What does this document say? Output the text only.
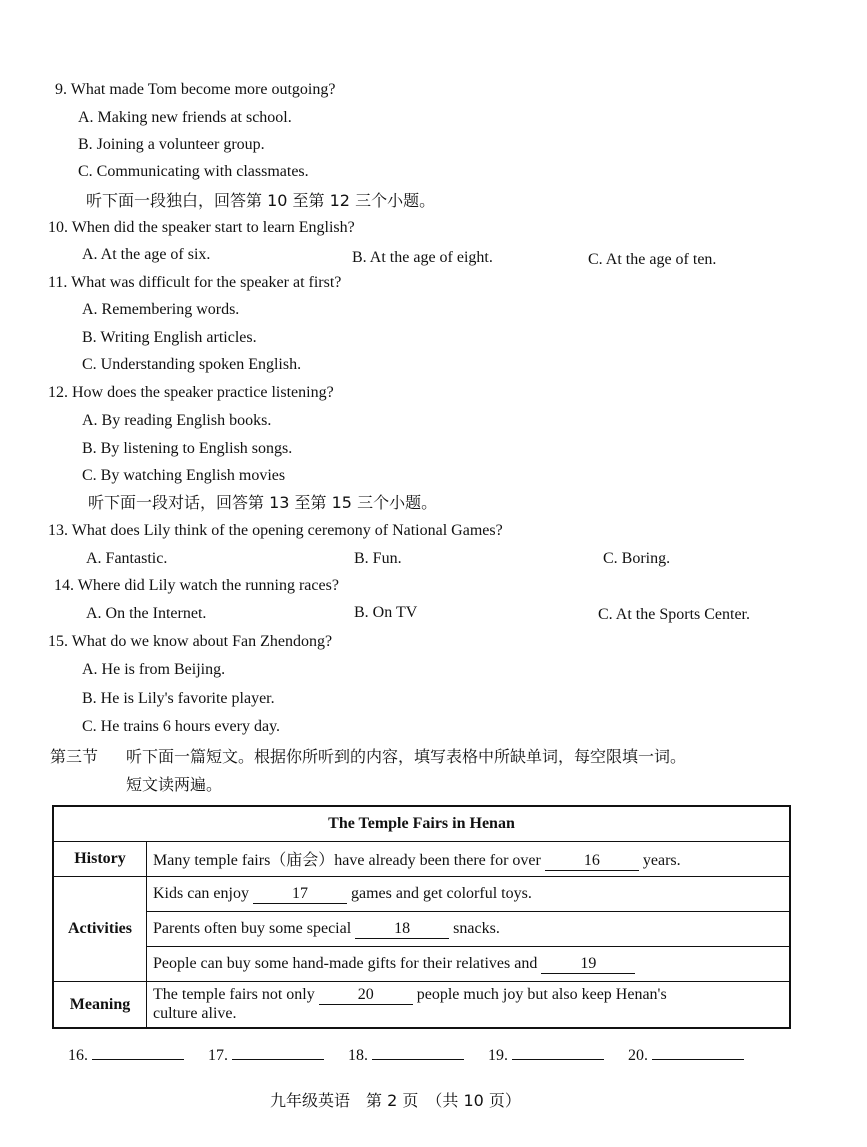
9. What made Tom become more outgoing?
A. Making new friends at school.
B. Joining a volunteer group.
C. Communicating with classmates.
听下面一段独白，回答第 10 至第 12 三个小题。
10. When did the speaker start to learn English?
A. At the age of six.	B. At the age of eight.	C. At the age of ten.
11. What was difficult for the speaker at first?
A. Remembering words.
B. Writing English articles.
C. Understanding spoken English.
12. How does the speaker practice listening?
A. By reading English books.
B. By listening to English songs.
C. By watching English movies
听下面一段对话，回答第 13 至第 15 三个小题。
13. What does Lily think of the opening ceremony of National Games?
A. Fantastic.	B. Fun.	C. Boring.
14. Where did Lily watch the running races?
A. On the Internet.	B. On TV	C. At the Sports Center.
15. What do we know about Fan Zhendong?
A. He is from Beijing.
B. He is Lily's favorite player.
C. He trains 6 hours every day.
第三节 听下面一篇短文。根据你所听到的内容，填写表格中所缺单词，每空限填一词。
短文读两遍。
The Temple Fairs in Henan	
History	Many temple fairs（庙会）have already been there for over 16 years.
Activities	Kids can enjoy 17 games and get colorful toys.
	Parents often buy some special 18 snacks.
	People can buy some hand-made gifts for their relatives and 19
Meaning	The temple fairs not only 20 people much joy but also keep Henan's
culture alive.
16.	17.	18.	19.	20.
九年级英语　第 2 页　（共 10 页）
